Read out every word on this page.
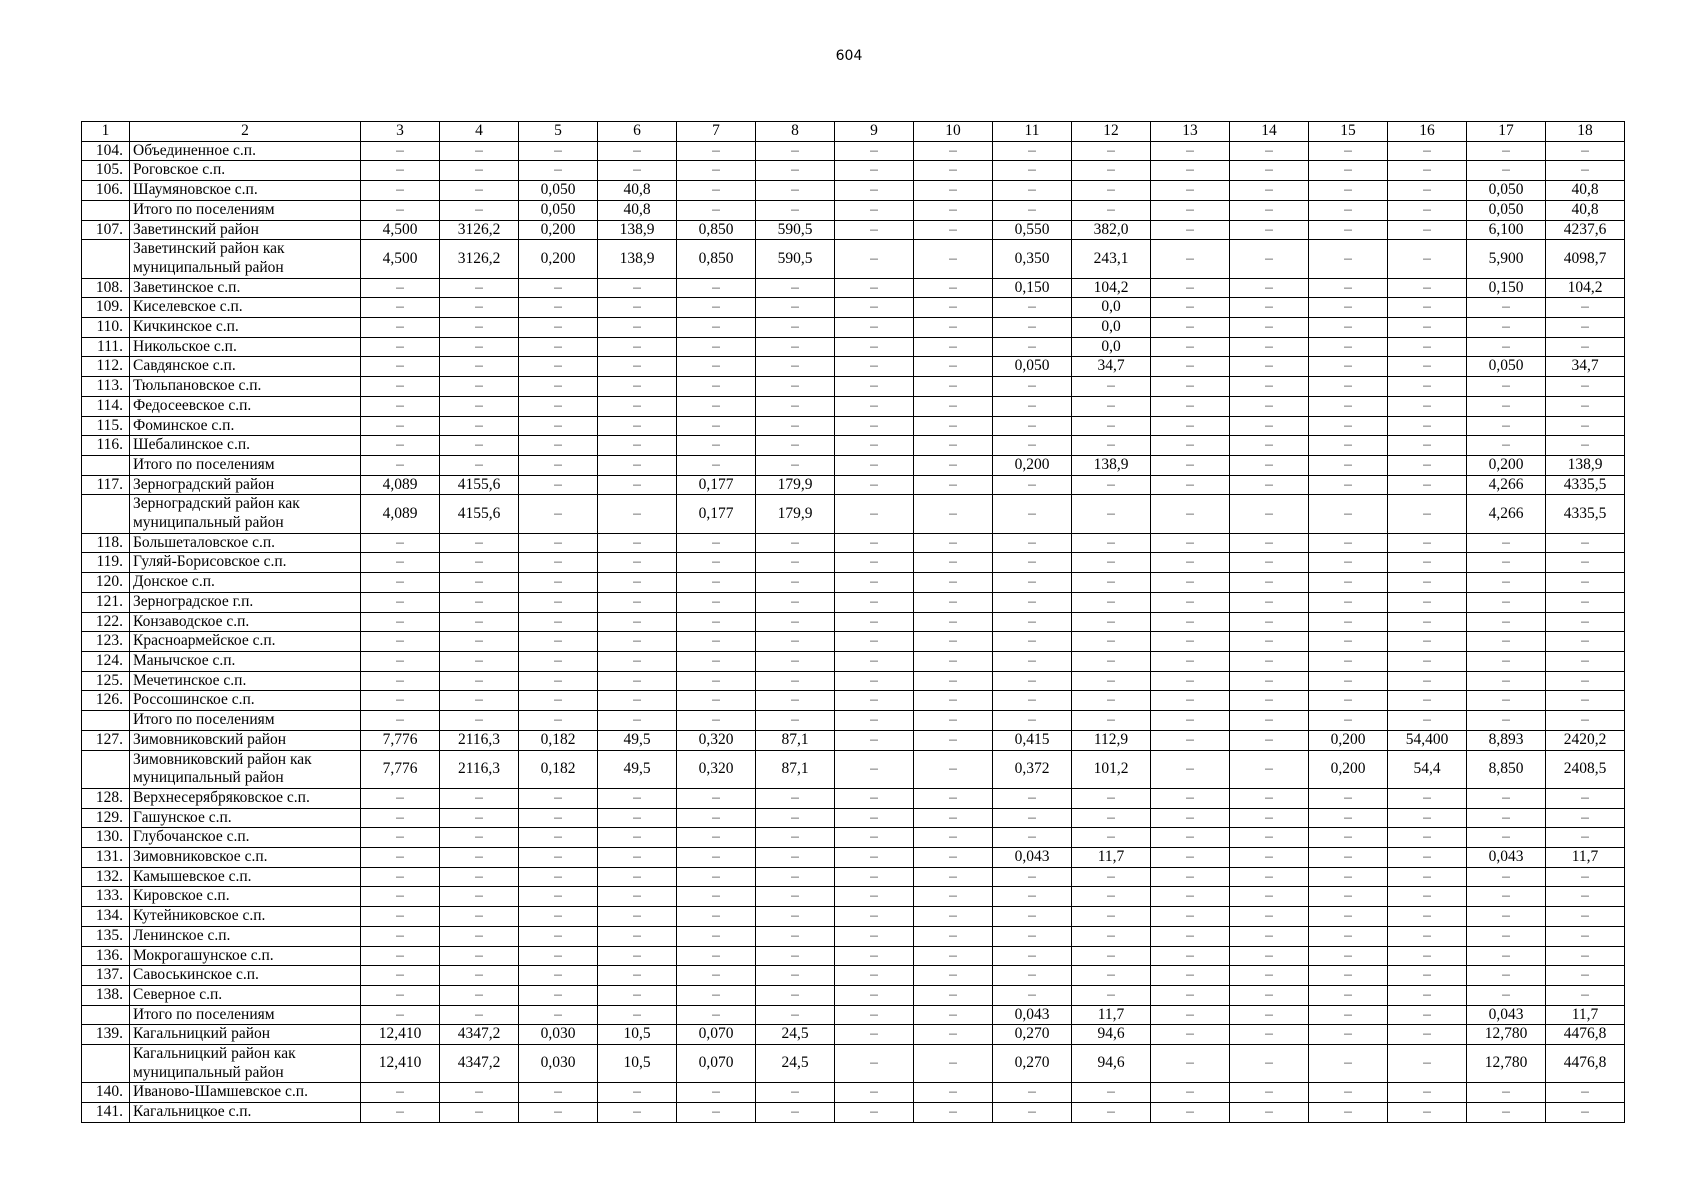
604
1	2	3	4	5	6	7	8	9	10	11	12	13	14	15	16	17	18
104.	Объединенное с.п.	–	–	–	–	–	–	–	–	–	–	–	–	–	–	–	–
105.	Роговское с.п.	–	–	–	–	–	–	–	–	–	–	–	–	–	–	–	–
106.	Шаумяновское с.п.	–	–	0,050	40,8	–	–	–	–	–	–	–	–	–	–	0,050	40,8
	Итого по поселениям	–	–	0,050	40,8	–	–	–	–	–	–	–	–	–	–	0,050	40,8
107.	Заветинский район	4,500	3126,2	0,200	138,9	0,850	590,5	–	–	0,550	382,0	–	–	–	–	6,100	4237,6
	Заветинский район как муниципальный район	4,500	3126,2	0,200	138,9	0,850	590,5	–	–	0,350	243,1	–	–	–	–	5,900	4098,7
108.	Заветинское с.п.	–	–	–	–	–	–	–	–	0,150	104,2	–	–	–	–	0,150	104,2
109.	Киселевское с.п.	–	–	–	–	–	–	–	–	–	0,0	–	–	–	–	–	–
110.	Кичкинское с.п.	–	–	–	–	–	–	–	–	–	0,0	–	–	–	–	–	–
111.	Никольское с.п.	–	–	–	–	–	–	–	–	–	0,0	–	–	–	–	–	–
112.	Савдянское с.п.	–	–	–	–	–	–	–	–	0,050	34,7	–	–	–	–	0,050	34,7
113.	Тюльпановское с.п.	–	–	–	–	–	–	–	–	–	–	–	–	–	–	–	–
114.	Федосеевское с.п.	–	–	–	–	–	–	–	–	–	–	–	–	–	–	–	–
115.	Фоминское с.п.	–	–	–	–	–	–	–	–	–	–	–	–	–	–	–	–
116.	Шебалинское с.п.	–	–	–	–	–	–	–	–	–	–	–	–	–	–	–	–
	Итого по поселениям	–	–	–	–	–	–	–	–	0,200	138,9	–	–	–	–	0,200	138,9
117.	Зерноградский район	4,089	4155,6	–	–	0,177	179,9	–	–	–	–	–	–	–	–	4,266	4335,5
	Зерноградский район как муниципальный район	4,089	4155,6	–	–	0,177	179,9	–	–	–	–	–	–	–	–	4,266	4335,5
118.	Большеталовское с.п.	–	–	–	–	–	–	–	–	–	–	–	–	–	–	–	–
119.	Гуляй-Борисовское с.п.	–	–	–	–	–	–	–	–	–	–	–	–	–	–	–	–
120.	Донское с.п.	–	–	–	–	–	–	–	–	–	–	–	–	–	–	–	–
121.	Зерноградское г.п.	–	–	–	–	–	–	–	–	–	–	–	–	–	–	–	–
122.	Конзаводское с.п.	–	–	–	–	–	–	–	–	–	–	–	–	–	–	–	–
123.	Красноармейское с.п.	–	–	–	–	–	–	–	–	–	–	–	–	–	–	–	–
124.	Манычское с.п.	–	–	–	–	–	–	–	–	–	–	–	–	–	–	–	–
125.	Мечетинское с.п.	–	–	–	–	–	–	–	–	–	–	–	–	–	–	–	–
126.	Россошинское с.п.	–	–	–	–	–	–	–	–	–	–	–	–	–	–	–	–
	Итого по поселениям	–	–	–	–	–	–	–	–	–	–	–	–	–	–	–	–
127.	Зимовниковский район	7,776	2116,3	0,182	49,5	0,320	87,1	–	–	0,415	112,9	–	–	0,200	54,400	8,893	2420,2
	Зимовниковский район как муниципальный район	7,776	2116,3	0,182	49,5	0,320	87,1	–	–	0,372	101,2	–	–	0,200	54,4	8,850	2408,5
128.	Верхнесерябряковское с.п.	–	–	–	–	–	–	–	–	–	–	–	–	–	–	–	–
129.	Гашунское с.п.	–	–	–	–	–	–	–	–	–	–	–	–	–	–	–	–
130.	Глубочанское с.п.	–	–	–	–	–	–	–	–	–	–	–	–	–	–	–	–
131.	Зимовниковское с.п.	–	–	–	–	–	–	–	–	0,043	11,7	–	–	–	–	0,043	11,7
132.	Камышевское с.п.	–	–	–	–	–	–	–	–	–	–	–	–	–	–	–	–
133.	Кировское с.п.	–	–	–	–	–	–	–	–	–	–	–	–	–	–	–	–
134.	Кутейниковское с.п.	–	–	–	–	–	–	–	–	–	–	–	–	–	–	–	–
135.	Ленинское с.п.	–	–	–	–	–	–	–	–	–	–	–	–	–	–	–	–
136.	Мокрогашунское с.п.	–	–	–	–	–	–	–	–	–	–	–	–	–	–	–	–
137.	Савоськинское с.п.	–	–	–	–	–	–	–	–	–	–	–	–	–	–	–	–
138.	Северное с.п.	–	–	–	–	–	–	–	–	–	–	–	–	–	–	–	–
	Итого по поселениям	–	–	–	–	–	–	–	–	0,043	11,7	–	–	–	–	0,043	11,7
139.	Кагальницкий район	12,410	4347,2	0,030	10,5	0,070	24,5	–	–	0,270	94,6	–	–	–	–	12,780	4476,8
	Кагальницкий район как муниципальный район	12,410	4347,2	0,030	10,5	0,070	24,5	–	–	0,270	94,6	–	–	–	–	12,780	4476,8
140.	Иваново-Шамшевское с.п.	–	–	–	–	–	–	–	–	–	–	–	–	–	–	–	–
141.	Кагальницкое с.п.	–	–	–	–	–	–	–	–	–	–	–	–	–	–	–	–
